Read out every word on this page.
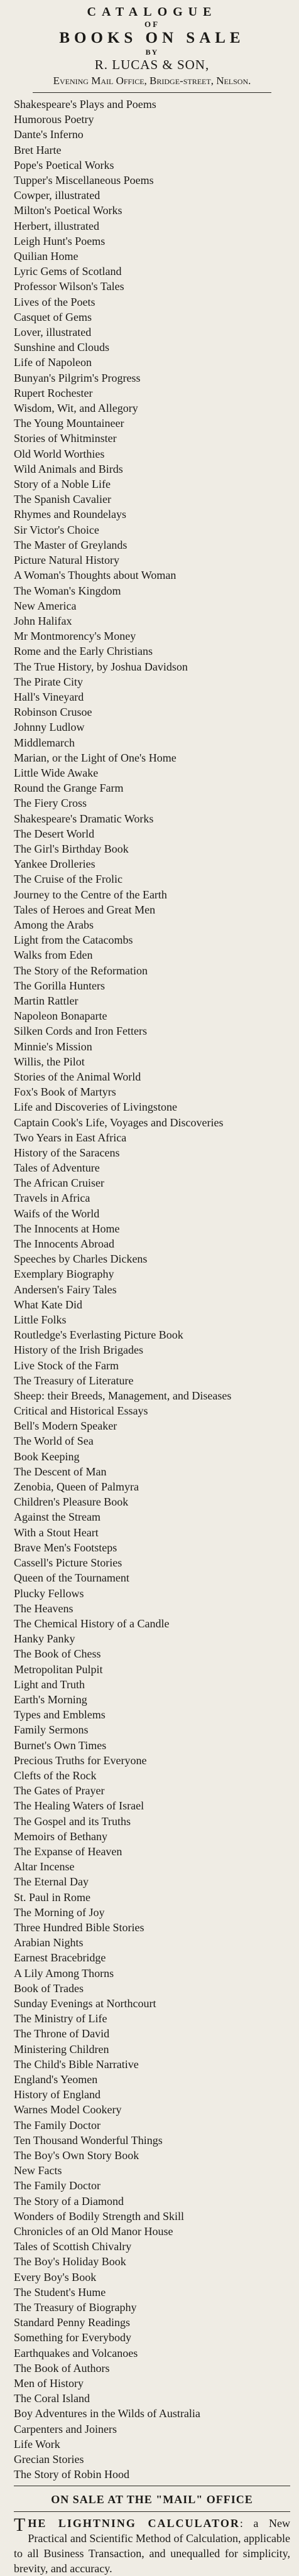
CATALOGUE
OF
BOOKS ON SALE
BY
R. LUCAS & SON,
Evening Mail Office, Bridge-street, Nelson.
Shakespeare's Plays and Poems
Humorous Poetry
Dante's Inferno
Bret Harte
Pope's Poetical Works
Tupper's Miscellaneous Poems
Cowper, illustrated
Milton's Poetical Works
Herbert, illustrated
Leigh Hunt's Poems
Quilian Home
Lyric Gems of Scotland
Professor Wilson's Tales
Lives of the Poets
Casquet of Gems
Lover, illustrated
Sunshine and Clouds
Life of Napoleon
Bunyan's Pilgrim's Progress
Rupert Rochester
Wisdom, Wit, and Allegory
The Young Mountaineer
Stories of Whitminster
Old World Worthies
Wild Animals and Birds
Story of a Noble Life
The Spanish Cavalier
Rhymes and Roundelays
Sir Victor's Choice
The Master of Greylands
Picture Natural History
A Woman's Thoughts about Woman
The Woman's Kingdom
New America
John Halifax
Mr Montmorency's Money
Rome and the Early Christians
The True History, by Joshua Davidson
The Pirate City
Hall's Vineyard
Robinson Crusoe
Johnny Ludlow
Middlemarch
Marian, or the Light of One's Home
Little Wide Awake
Round the Grange Farm
The Fiery Cross
Shakespeare's Dramatic Works
The Desert World
The Girl's Birthday Book
Yankee Drolleries
The Cruise of the Frolic
Journey to the Centre of the Earth
Tales of Heroes and Great Men
Among the Arabs
Light from the Catacombs
Walks from Eden
The Story of the Reformation
The Gorilla Hunters
Martin Rattler
Napoleon Bonaparte
Silken Cords and Iron Fetters
Minnie's Mission
Willis, the Pilot
Stories of the Animal World
Fox's Book of Martyrs
Life and Discoveries of Livingstone
Captain Cook's Life, Voyages and Discoveries
Two Years in East Africa
History of the Saracens
Tales of Adventure
The African Cruiser
Travels in Africa
Waifs of the World
The Innocents at Home
The Innocents Abroad
Speeches by Charles Dickens
Exemplary Biography
Andersen's Fairy Tales
What Kate Did
Little Folks
Routledge's Everlasting Picture Book
History of the Irish Brigades
Live Stock of the Farm
The Treasury of Literature
Sheep: their Breeds, Management, and Diseases
Critical and Historical Essays
Bell's Modern Speaker
The World of Sea
Book Keeping
The Descent of Man
Zenobia, Queen of Palmyra
Children's Pleasure Book
Against the Stream
With a Stout Heart
Brave Men's Footsteps
Cassell's Picture Stories
Queen of the Tournament
Plucky Fellows
The Heavens
The Chemical History of a Candle
Hanky Panky
The Book of Chess
Metropolitan Pulpit
Light and Truth
Earth's Morning
Types and Emblems
Family Sermons
Burnet's Own Times
Precious Truths for Everyone
Clefts of the Rock
The Gates of Prayer
The Healing Waters of Israel
The Gospel and its Truths
Memoirs of Bethany
The Expanse of Heaven
Altar Incense
The Eternal Day
St. Paul in Rome
The Morning of Joy
Three Hundred Bible Stories
Arabian Nights
Earnest Bracebridge
A Lily Among Thorns
Book of Trades
Sunday Evenings at Northcourt
The Ministry of Life
The Throne of David
Ministering Children
The Child's Bible Narrative
England's Yeomen
History of England
Warnes Model Cookery
The Family Doctor
Ten Thousand Wonderful Things
The Boy's Own Story Book
New Facts
The Family Doctor
The Story of a Diamond
Wonders of Bodily Strength and Skill
Chronicles of an Old Manor House
Tales of Scottish Chivalry
The Boy's Holiday Book
Every Boy's Book
The Student's Hume
The Treasury of Biography
Standard Penny Readings
Something for Everybody
Earthquakes and Volcanoes
The Book of Authors
Men of History
The Coral Island
Boy Adventures in the Wilds of Australia
Carpenters and Joiners
Life Work
Grecian Stories
The Story of Robin Hood
ON SALE AT THE "MAIL" OFFICE

THE LIGHTNING CALCULATOR: a New Practical and Scientific Method of Calculation, applicable to all Business Transaction, and unequalled for simplicity, brevity, and accuracy.
